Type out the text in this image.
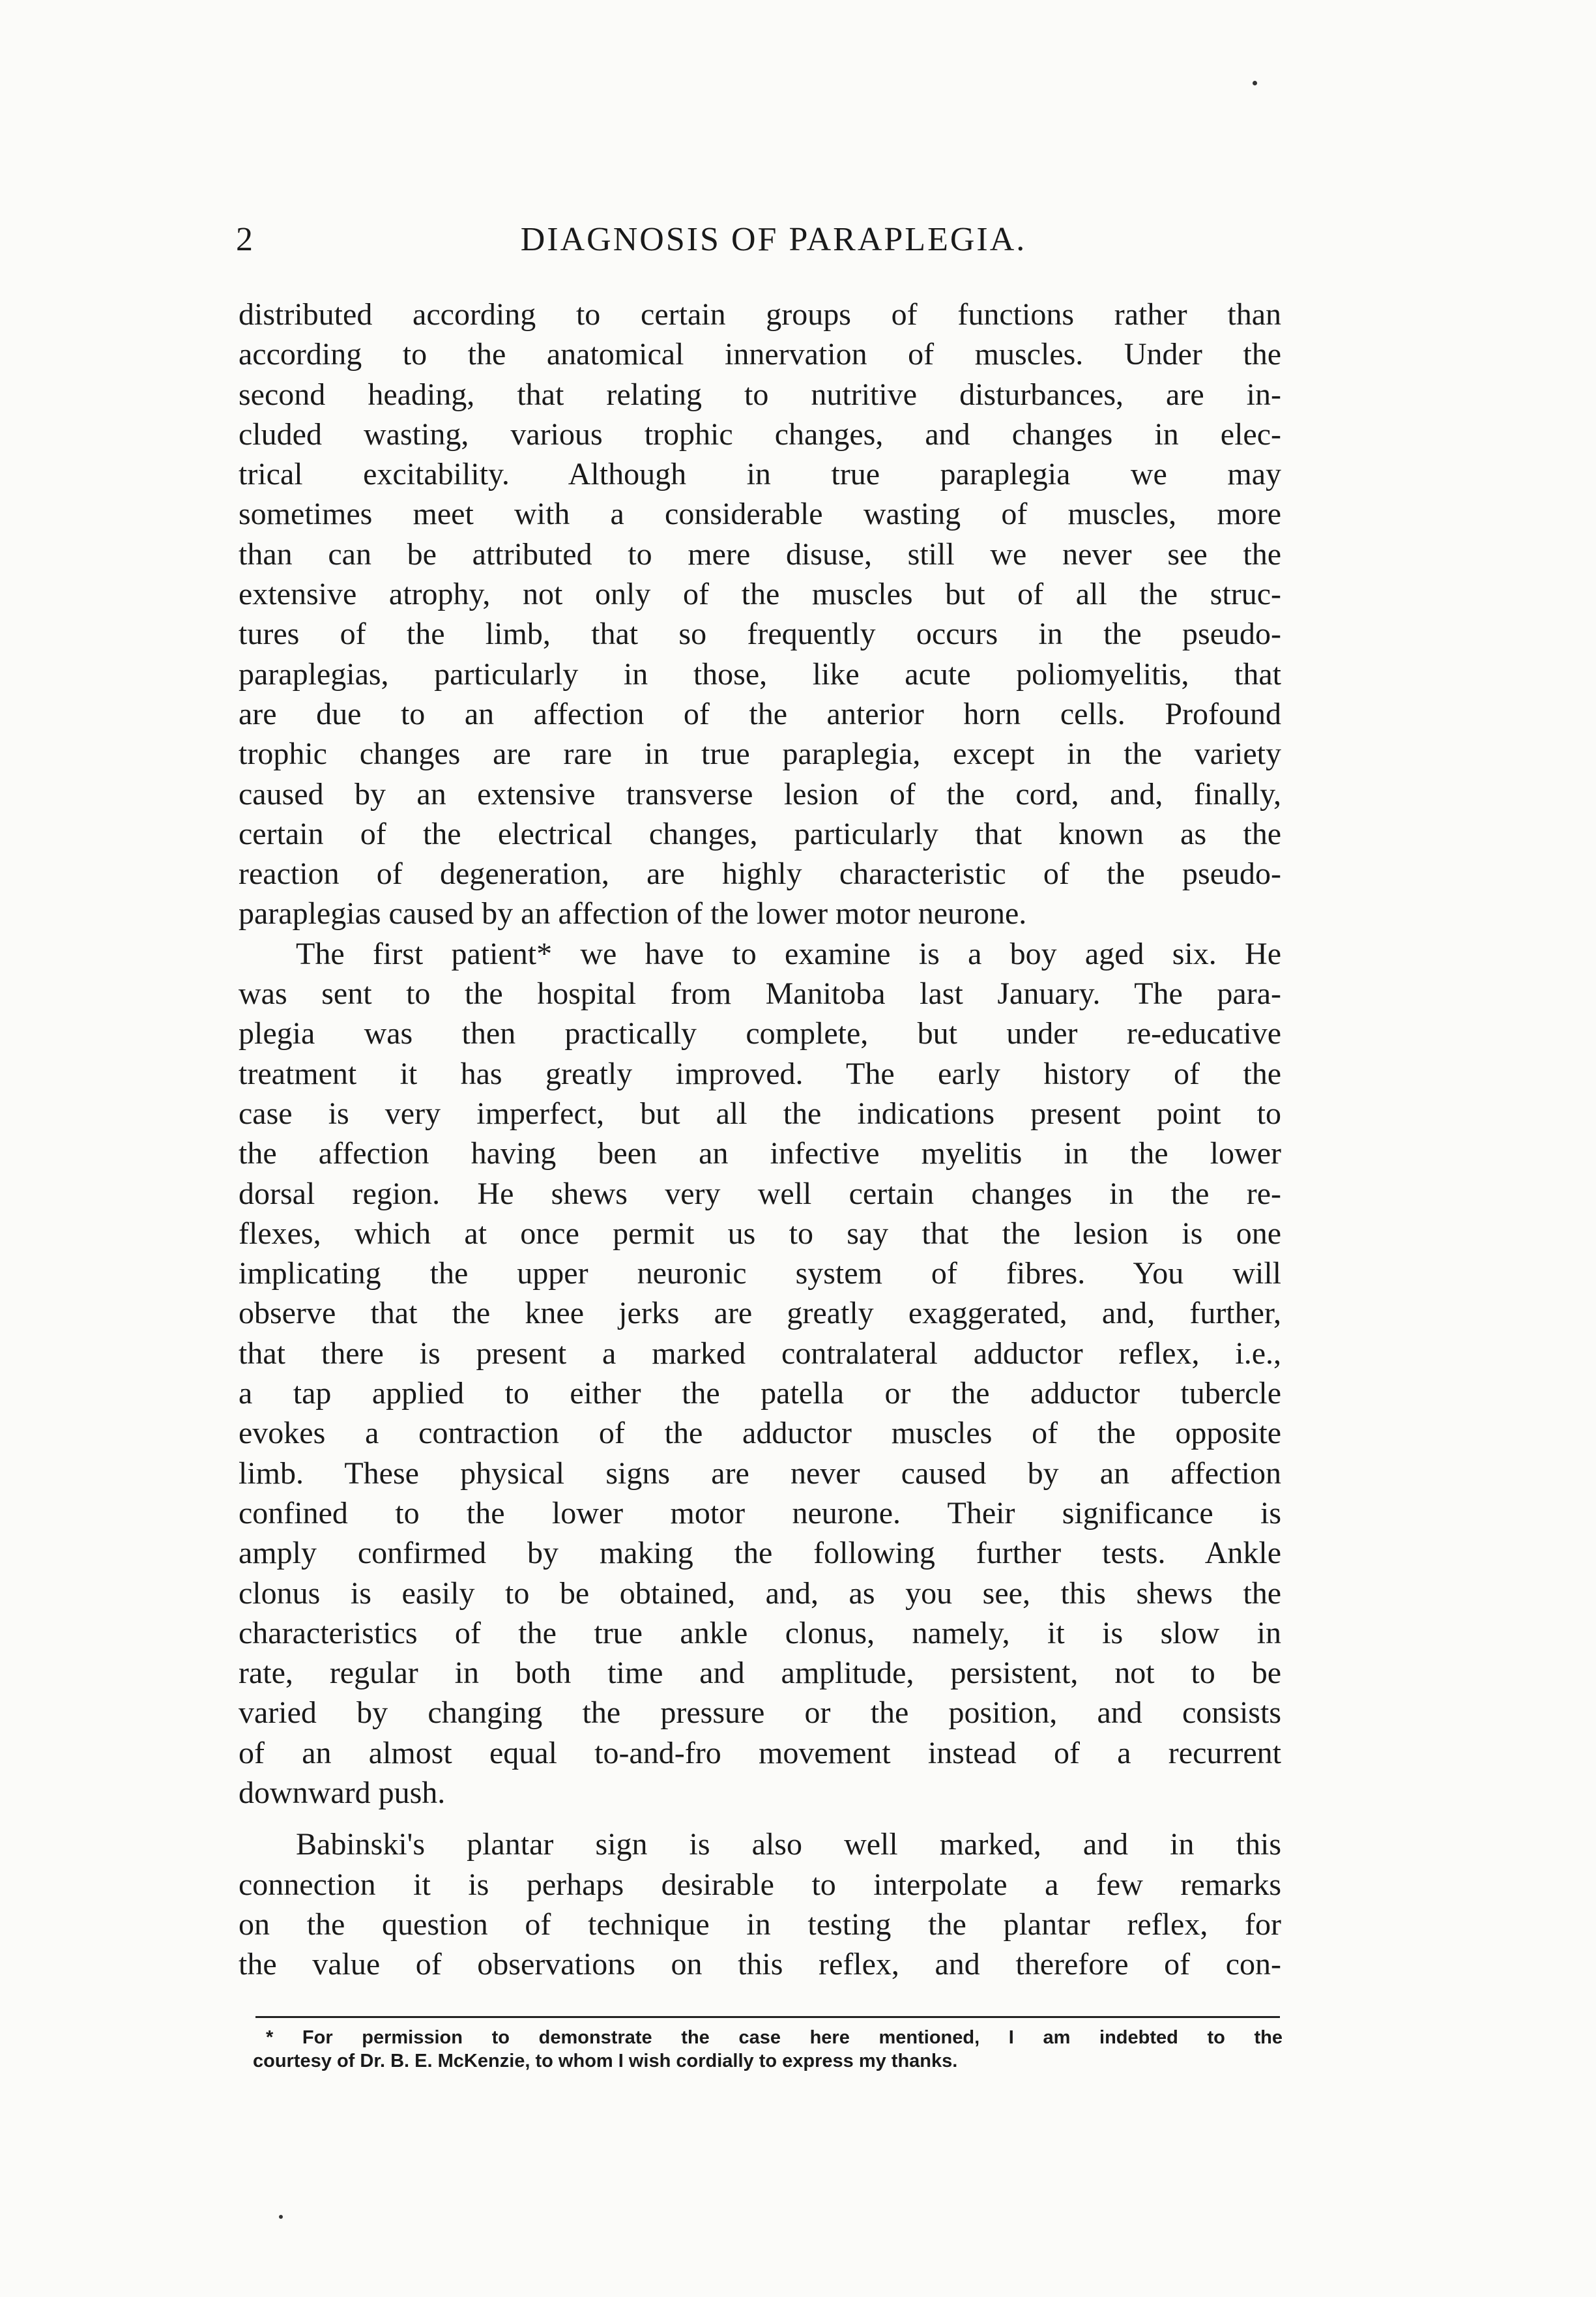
2	DIAGNOSIS OF PARAPLEGIA.
distributed according to certain groups of functions rather than
according to the anatomical innervation of muscles. Under the
second heading, that relating to nutritive disturbances, are in-
cluded wasting, various trophic changes, and changes in elec-
trical excitability. Although in true paraplegia we may
sometimes meet with a considerable wasting of muscles, more
than can be attributed to mere disuse, still we never see the
extensive atrophy, not only of the muscles but of all the struc-
tures of the limb, that so frequently occurs in the pseudo-
paraplegias, particularly in those, like acute poliomyelitis, that
are due to an affection of the anterior horn cells. Profound
trophic changes are rare in true paraplegia, except in the variety
caused by an extensive transverse lesion of the cord, and, finally,
certain of the electrical changes, particularly that known as the
reaction of degeneration, are highly characteristic of the pseudo-
paraplegias caused by an affection of the lower motor neurone.
The first patient* we have to examine is a boy aged six. He
was sent to the hospital from Manitoba last January. The para-
plegia was then practically complete, but under re-educative
treatment it has greatly improved. The early history of the
case is very imperfect, but all the indications present point to
the affection having been an infective myelitis in the lower
dorsal region. He shews very well certain changes in the re-
flexes, which at once permit us to say that the lesion is one
implicating the upper neuronic system of fibres. You will
observe that the knee jerks are greatly exaggerated, and, further,
that there is present a marked contralateral adductor reflex, i.e.,
a tap applied to either the patella or the adductor tubercle
evokes a contraction of the adductor muscles of the opposite
limb. These physical signs are never caused by an affection
confined to the lower motor neurone. Their significance is
amply confirmed by making the following further tests. Ankle
clonus is easily to be obtained, and, as you see, this shews the
characteristics of the true ankle clonus, namely, it is slow in
rate, regular in both time and amplitude, persistent, not to be
varied by changing the pressure or the position, and consists
of an almost equal to-and-fro movement instead of a recurrent
downward push.
Babinski's plantar sign is also well marked, and in this
connection it is perhaps desirable to interpolate a few remarks
on the question of technique in testing the plantar reflex, for
the value of observations on this reflex, and therefore of con-
* For permission to demonstrate the case here mentioned, I am indebted to the
courtesy of Dr. B. E. McKenzie, to whom I wish cordially to express my thanks.
